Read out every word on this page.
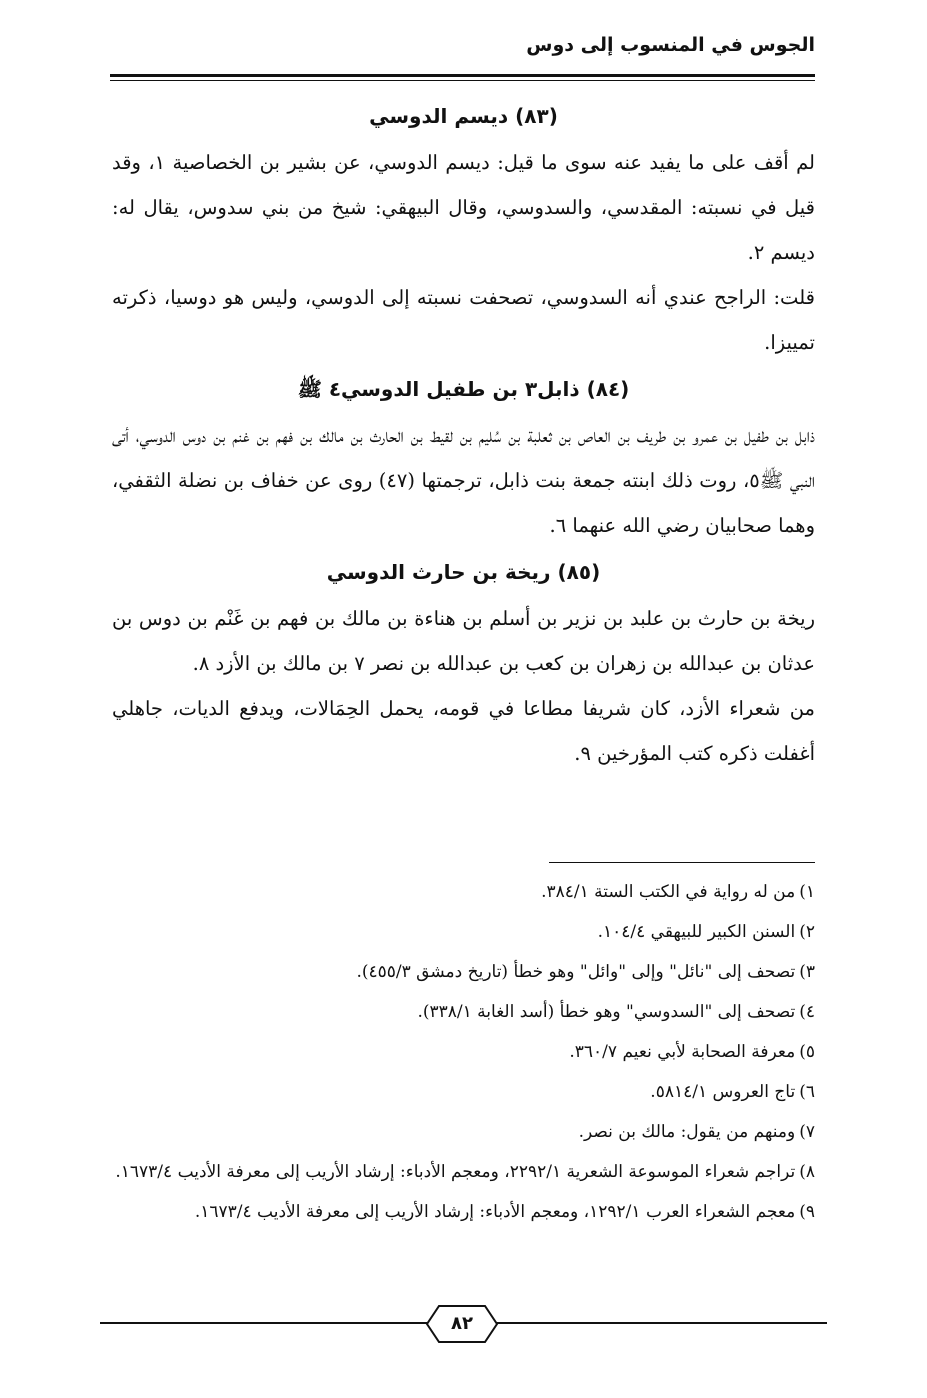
الجوس في المنسوب إلى دوس
(٨٣) ديسم الدوسي

لم أقف على ما يفيد عنه سوى ما قيل: ديسم الدوسي، عن بشير بن الخصاصية ١، وقد قيل في نسبته: المقدسي، والسدوسي، وقال البيهقي: شيخ من بني سدوس، يقال له: ديسم ٢.

قلت: الراجح عندي أنه السدوسي، تصحفت نسبته إلى الدوسي، وليس هو دوسيا، ذكرته تمييزا.

(٨٤) ذابل٣ بن طفيل الدوسي٤ ﷺ

ذابل بن طفيل بن عمرو بن طريف بن العاص بن ثعلبة بن سُليم بن لقيط بن الحارث بن مالك بن فهم بن غنم بن دوس الدوسي، أتى النبي ﷺ٥، روت ذلك ابنته جمعة بنت ذابل، ترجمتها (٤٧) روى عن خفاف بن نضلة الثقفي، وهما صحابيان رضي الله عنهما ٦.

(٨٥) ريخة بن حارث الدوسي

ريخة بن حارث بن علبد بن نزير بن أسلم بن هناءة بن مالك بن فهم بن غَنْم بن دوس بن عدثان بن عبدالله بن زهران بن كعب بن عبدالله بن نصر ٧ بن مالك بن الأزد ٨.

من شعراء الأزد، كان شريفا مطاعا في قومه، يحمل الحِمَالات، ويدفع الديات، جاهلي أغفلت ذكره كتب المؤرخين ٩.

١)من له رواية في الكتب الستة ٣٨٤/١.

٢)السنن الكبير للبيهقي ١٠٤/٤.

٣)تصحف إلى "نائل" وإلى "وائل" وهو خطأ (تاريخ دمشق ٤٥٥/٣).

٤)تصحف إلى "السدوسي" وهو خطأ (أسد الغابة ٣٣٨/١).

٥)معرفة الصحابة لأبي نعيم ٣٦٠/٧.

٦)تاج العروس ٥٨١٤/١.

٧)ومنهم من يقول: مالك بن نصر.

٨)تراجم شعراء الموسوعة الشعرية ٢٢٩٢/١، ومعجم الأدباء: إرشاد الأريب إلى معرفة الأديب ١٦٧٣/٤.

٩)معجم الشعراء العرب ١٢٩٢/١، ومعجم الأدباء: إرشاد الأريب إلى معرفة الأديب ١٦٧٣/٤.

٨٢
